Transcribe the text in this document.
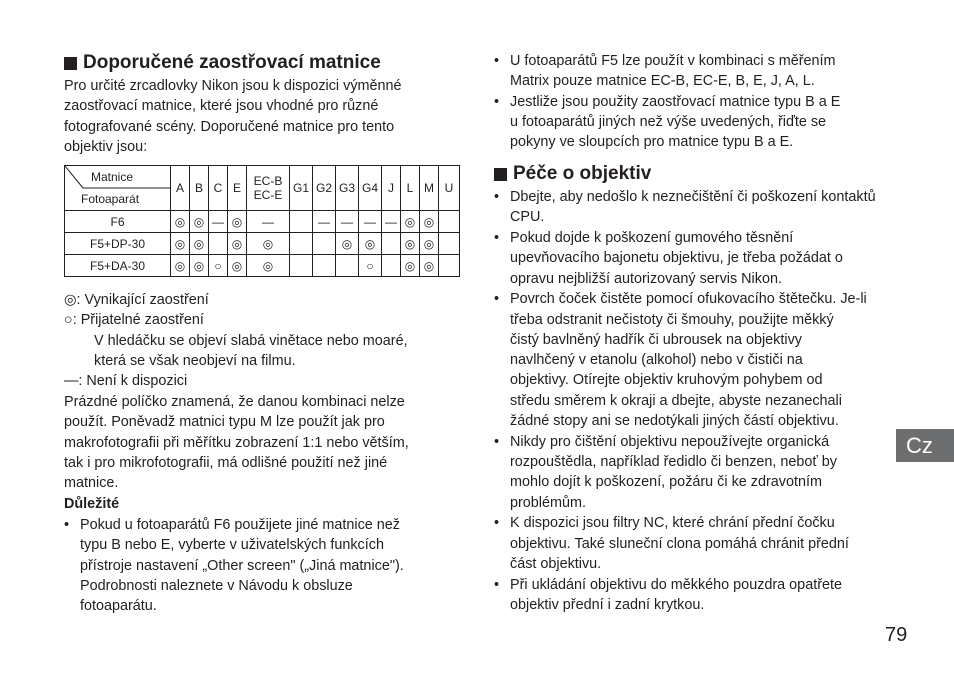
Doporučené zaostřovací matnice
Pro určité zrcadlovky Nikon jsou k dispozici výměnné
zaostřovací matnice, které jsou vhodné pro různé
fotografované scény. Doporučené matnice pro tento
objektiv jsou:
Matnice
Fotoaparát	A	B	C	E	EC-B
EC-E	G1	G2	G3	G4	J	L	M	U	
F6	◎	◎	—	◎	—		—	—	—	—	◎	◎		
F5+DP-30	◎	◎		◎	◎			◎	◎		◎	◎		
F5+DA-30	◎	◎	○	◎	◎				○		◎	◎		
◎: Vynikající zaostření
○: Přijatelné zaostření
V hledáčku se objeví slabá vinětace nebo moaré,
která se však neobjeví na filmu.
—: Není k dispozici
Prázdné políčko znamená, že danou kombinaci nelze
použít. Poněvadž matnici typu M lze použít jak pro
makrofotografii při měřítku zobrazení 1:1 nebo větším,
tak i pro mikrofotografii, má odlišné použití než jiné
matnice.
Důležité
• Pokud u fotoaparátů F6 použijete jiné matnice než
typu B nebo E, vyberte v uživatelských funkcích
přístroje nastavení „Other screen" („Jiná matnice").
Podrobnosti naleznete v Návodu k obsluze
fotoaparátu.
• U fotoaparátů F5 lze použít v kombinaci s měřením
Matrix pouze matnice EC-B, EC-E, B, E, J, A, L.
• Jestliže jsou použity zaostřovací matnice typu B a E
u fotoaparátů jiných než výše uvedených, řiďte se
pokyny ve sloupcích pro matnice typu B a E.
Péče o objektiv
• Dbejte, aby nedošlo k neznečištění či poškození kontaktů
CPU.
• Pokud dojde k poškození gumového těsnění
upevňovacího bajonetu objektivu, je třeba požádat o
opravu nejbližší autorizovaný servis Nikon.
• Povrch čoček čistěte pomocí ofukovacího štětečku. Je-li
třeba odstranit nečistoty či šmouhy, použijte měkký
čistý bavlněný hadřík či ubrousek na objektivy
navlhčený v etanolu (alkohol) nebo v čističi na
objektivy. Otírejte objektiv kruhovým pohybem od
středu směrem k okraji a dbejte, abyste nezanechali
žádné stopy ani se nedotýkali jiných částí objektivu.
• Nikdy pro čištění objektivu nepoužívejte organická
rozpouštědla, například ředidlo či benzen, neboť by
mohlo dojít k poškození, požáru či ke zdravotním
problémům.
• K dispozici jsou filtry NC, které chrání přední čočku
objektivu. Také sluneční clona pomáhá chránit přední
část objektivu.
• Při ukládání objektivu do měkkého pouzdra opatřete
objektiv přední i zadní krytkou.
Cz
79
